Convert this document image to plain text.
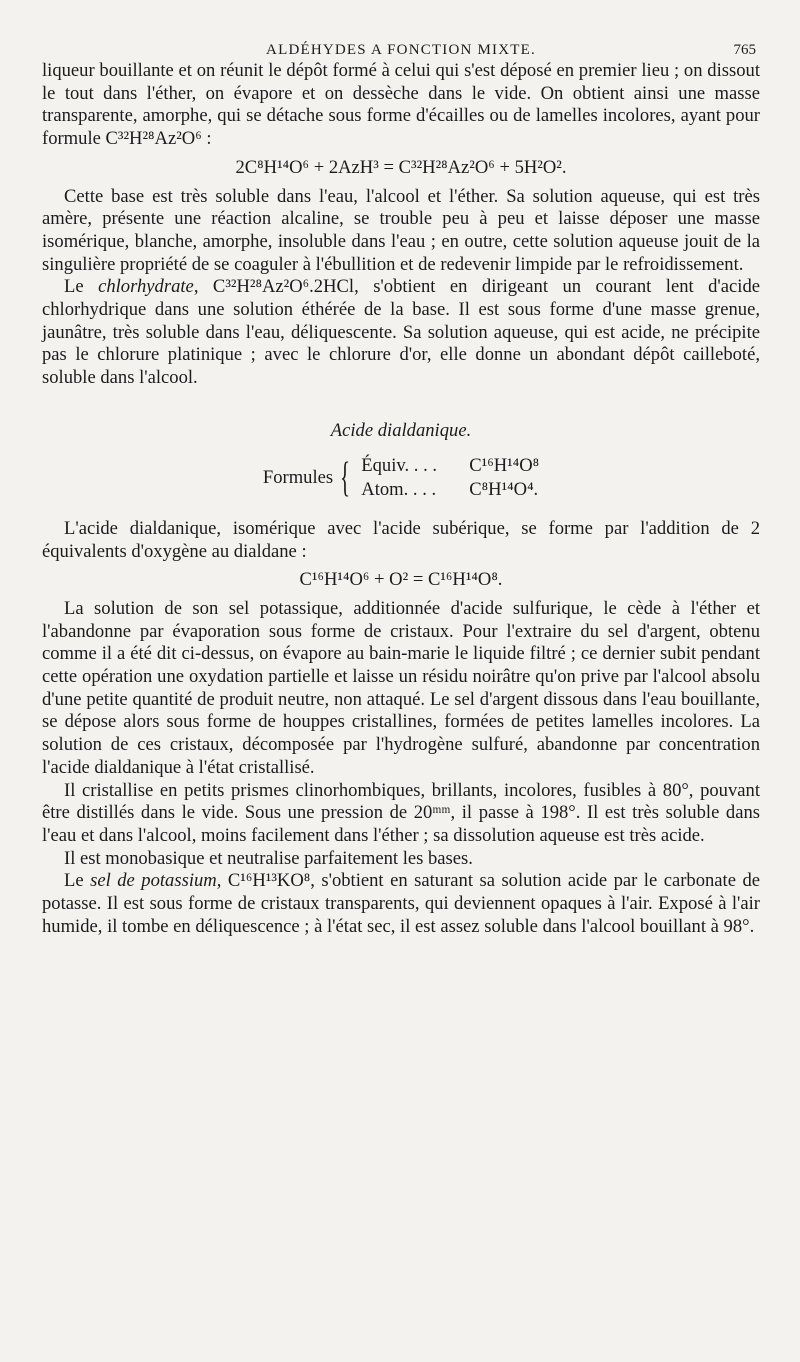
ALDÉHYDES A FONCTION MIXTE.	765

liqueur bouillante et on réunit le dépôt formé à celui qui s'est déposé en premier lieu ; on dissout le tout dans l'éther, on évapore et on dessèche dans le vide. On obtient ainsi une masse transparente, amorphe, qui se détache sous forme d'écailles ou de lamelles incolores, ayant pour formule C³²H²⁸Az²O⁶ :

2C⁸H¹⁴O⁶ + 2AzH³ = C³²H²⁸Az²O⁶ + 5H²O².

Cette base est très soluble dans l'eau, l'alcool et l'éther. Sa solution aqueuse, qui est très amère, présente une réaction alcaline, se trouble peu à peu et laisse déposer une masse isomérique, blanche, amorphe, insoluble dans l'eau ; en outre, cette solution aqueuse jouit de la singulière propriété de se coaguler à l'ébullition et de redevenir limpide par le refroidissement.

Le chlorhydrate, C³²H²⁸Az²O⁶.2HCl, s'obtient en dirigeant un courant lent d'acide chlorhydrique dans une solution éthérée de la base. Il est sous forme d'une masse grenue, jaunâtre, très soluble dans l'eau, déliquescente. Sa solution aqueuse, qui est acide, ne précipite pas le chlorure platinique ; avec le chlorure d'or, elle donne un abondant dépôt cailleboté, soluble dans l'alcool.

Acide dialdanique.
Formules { Équiv. . . .	C¹⁶H¹⁴O⁸
Atom. . . .	C⁸H¹⁴O⁴.

L'acide dialdanique, isomérique avec l'acide subérique, se forme par l'addition de 2 équivalents d'oxygène au dialdane :

C¹⁶H¹⁴O⁶ + O² = C¹⁶H¹⁴O⁸.

La solution de son sel potassique, additionnée d'acide sulfurique, le cède à l'éther et l'abandonne par évaporation sous forme de cristaux. Pour l'extraire du sel d'argent, obtenu comme il a été dit ci-dessus, on évapore au bain-marie le liquide filtré ; ce dernier subit pendant cette opération une oxydation partielle et laisse un résidu noirâtre qu'on prive par l'alcool absolu d'une petite quantité de produit neutre, non attaqué. Le sel d'argent dissous dans l'eau bouillante, se dépose alors sous forme de houppes cristallines, formées de petites lamelles incolores. La solution de ces cristaux, décomposée par l'hydrogène sulfuré, abandonne par concentration l'acide dialdanique à l'état cristallisé.

Il cristallise en petits prismes clinorhombiques, brillants, incolores, fusibles à 80°, pouvant être distillés dans le vide. Sous une pression de 20ᵐᵐ, il passe à 198°. Il est très soluble dans l'eau et dans l'alcool, moins facilement dans l'éther ; sa dissolution aqueuse est très acide.

Il est monobasique et neutralise parfaitement les bases.

Le sel de potassium, C¹⁶H¹³KO⁸, s'obtient en saturant sa solution acide par le carbonate de potasse. Il est sous forme de cristaux transparents, qui deviennent opaques à l'air. Exposé à l'air humide, il tombe en déliquescence ; à l'état sec, il est assez soluble dans l'alcool bouillant à 98°.
